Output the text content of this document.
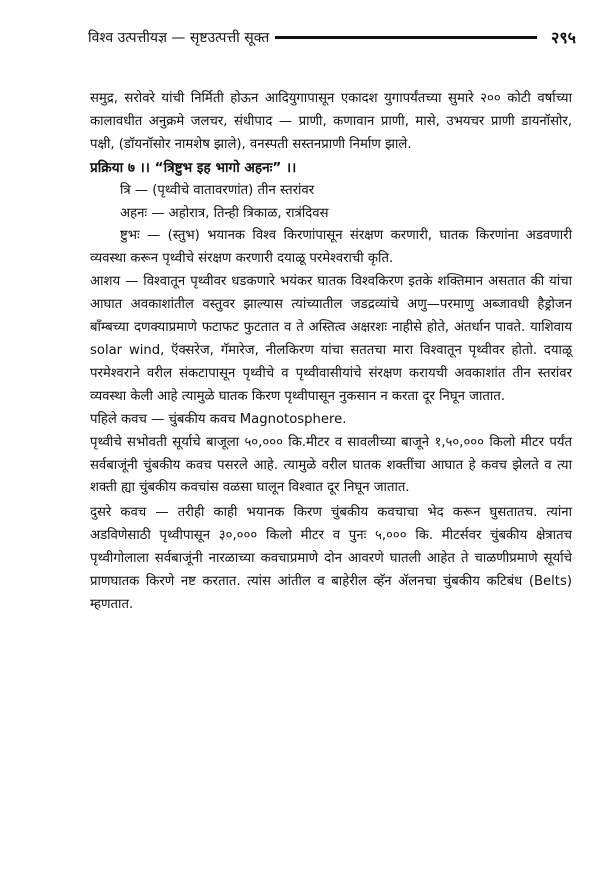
विश्व उत्पत्तीयज्ञ — सृष्टउत्पत्ती सूक्त	२९५

समुद्र, सरोवरे यांची निर्मिती होऊन आदियुगापासून एकादश युगापर्यंतच्या सुमारे २०० कोटी वर्षाच्या कालावधीत अनुक्रमे जलचर, संधीपाद — प्राणी, कणावान प्राणी, मासे, उभयचर प्राणी डायनॉसोर, पक्षी, (डॉयनॉसोर नामशेष झाले), वनस्पती सस्तनप्राणी निर्माण झाले.

प्रक्रिया ७ ।। “त्रिष्टुभ इह भागो अहनः” ।।

त्रि — (पृथ्वीचे वातावरणांत) तीन स्तरांवर

अहनः — अहोरात्र, तिन्ही त्रिकाळ, रात्रंदिवस

ष्टुभः — (स्तुभ) भयानक विश्व किरणांपासून संरक्षण करणारी, घातक किरणांना अडवणारी व्यवस्था करून पृथ्वीचे संरक्षण करणारी दयाळू परमेश्वराची कृति.

आशय — विश्वातून पृथ्वीवर धडकणारे भयंकर घातक विश्वकिरण इतके शक्तिमान असतात की यांचा आघात अवकाशांतील वस्तुवर झाल्यास त्यांच्यातील जडद्रव्यांचे अणु—परमाणु अब्जावधी हैड्रोजन बाँम्बच्या दणक्याप्रमाणे फटाफट फुटतात व ते अस्तित्व अक्षरशः नाहीसे होते, अंतर्धान पावते. याशिवाय solar wind, ऍक्सरेज, गॅमारेज, नीलकिरण यांचा सततचा मारा विश्वातून पृथ्वीवर होतो. दयाळू परमेश्वराने वरील संकटापासून पृथ्वीचे व पृथ्वीवासीयांचे संरक्षण करायची अवकाशांत तीन स्तरांवर व्यवस्था केली आहे त्यामुळे घातक किरण पृथ्वीपासून नुकसान न करता दूर निघून जातात.

पहिले कवच — चुंबकीय कवच Magnotosphere.

पृथ्वीचे सभोवती सूर्याचे बाजूला ५०,००० कि.मीटर व सावलीच्या बाजूने १,५०,००० किलो मीटर पर्यंत सर्वबाजूंनी चुंबकीय कवच पसरले आहे. त्यामुळे वरील घातक शक्तींचा आघात हे कवच झेलते व त्या शक्ती ह्या चुंबकीय कवचांस वळसा घालून विश्वात दूर निघून जातात.

दुसरे कवच — तरीही काही भयानक किरण चुंबकीय कवचाचा भेद करून घुसतातच. त्यांना अडविणेसाठी पृथ्वीपासून ३०,००० किलो मीटर व पुनः ५,००० कि. मीटर्सवर चुंबकीय क्षेत्रातच पृथ्वीगोलाला सर्वबाजूंनी नारळाच्या कवचाप्रमाणे दोन आवरणे घातली आहेत ते चाळणीप्रमाणे सूर्याचे प्राणघातक किरणे नष्ट करतात. त्यांस आंतील व बाहेरील व्हॅन ॲलनचा चुंबकीय कटिबंध (Belts) म्हणतात.
